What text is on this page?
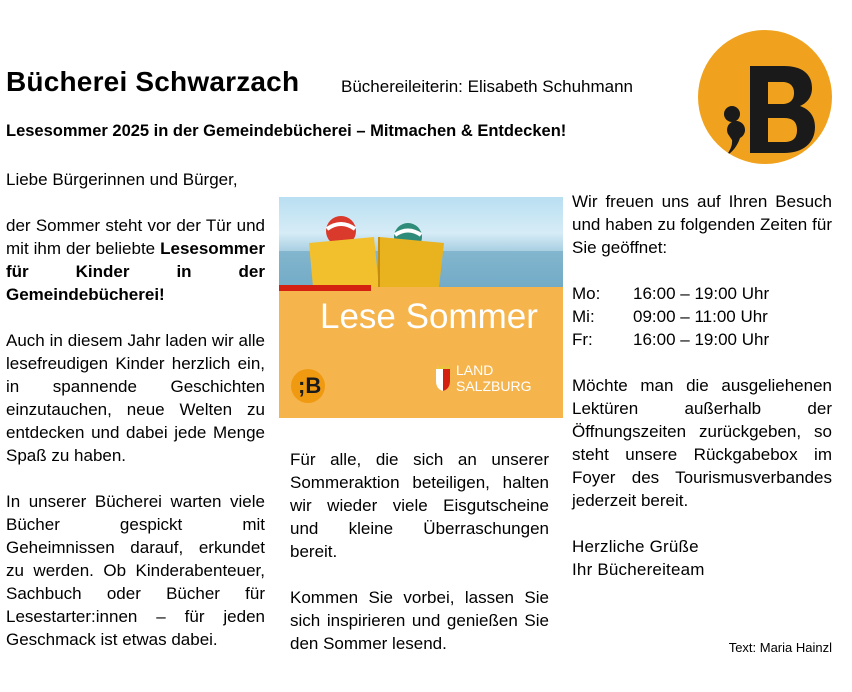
Bücherei Schwarzach Büchereileiterin: Elisabeth Schuhmann
Lesesommer 2025 in der Gemeindebücherei – Mitmachen & Entdecken!

Liebe Bürgerinnen und Bürger,

der Sommer steht vor der Tür und mit ihm der beliebte Lesesommer für Kinder in der Gemeindebücherei!

Auch in diesem Jahr laden wir alle lesefreudigen Kinder herzlich ein, in spannende Geschichten einzutauchen, neue Welten zu entdecken und dabei jede Menge Spaß zu haben.

In unserer Bücherei warten viele Bücher gespickt mit Geheimnissen darauf, erkundet zu werden. Ob Kinderabenteuer, Sachbuch oder Bücher für Lesestarter:innen – für jeden Geschmack ist etwas dabei.

Lese Sommer
;B
LAND
SALZBURG

Für alle, die sich an unserer Sommeraktion beteiligen, halten wir wieder viele Eisgutscheine und kleine Überraschungen bereit.

Kommen Sie vorbei, lassen Sie sich inspirieren und genießen Sie den Sommer lesend.

Wir freuen uns auf Ihren Besuch und haben zu folgenden Zeiten für Sie geöffnet:

Mo:	16:00 – 19:00 Uhr
Mi:	09:00 – 11:00 Uhr
Fr:	16:00 – 19:00 Uhr

Möchte man die ausgeliehenen Lektüren außerhalb der Öffnungszeiten zurückgeben, so steht unsere Rückgabebox im Foyer des Tourismusverbandes jederzeit bereit.

Herzliche Grüße
Ihr Büchereiteam
Text: Maria Hainzl
